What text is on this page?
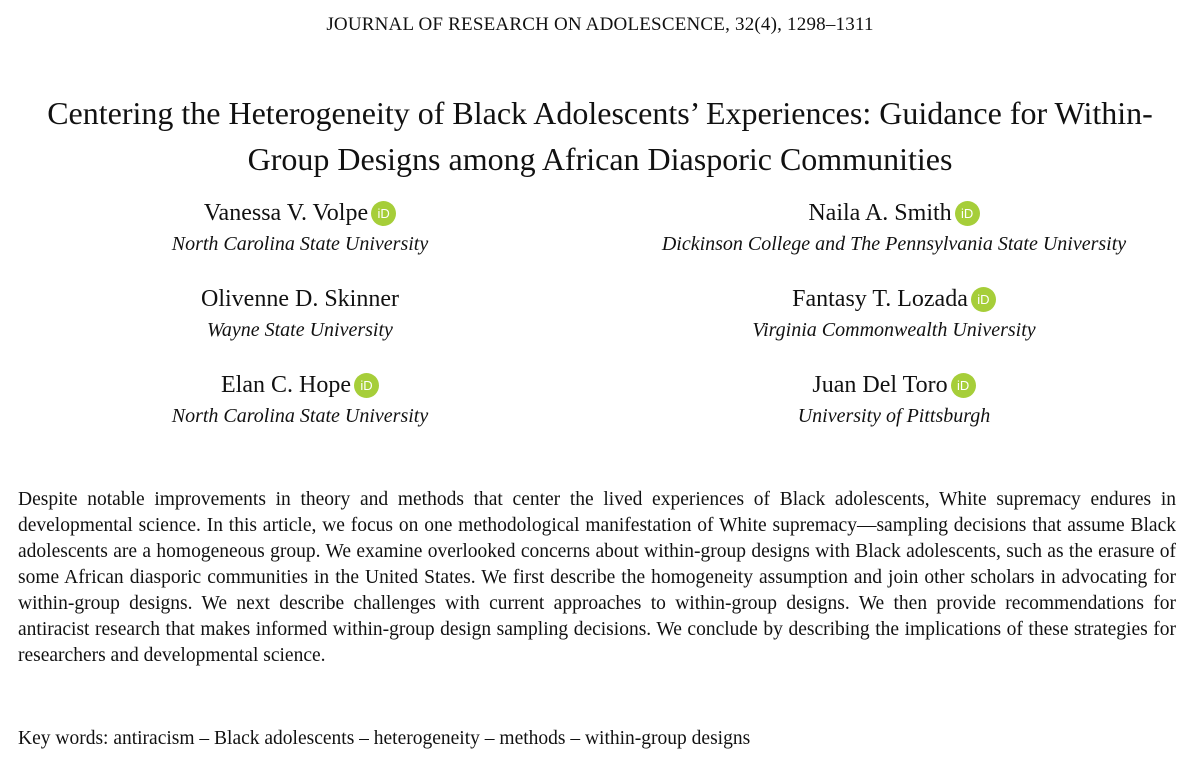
JOURNAL OF RESEARCH ON ADOLESCENCE, 32(4), 1298–1311
Centering the Heterogeneity of Black Adolescents’ Experiences: Guidance for Within-Group Designs among African Diasporic Communities
Vanessa V. Volpe iD
North Carolina State University
Naila A. Smith iD
Dickinson College and The Pennsylvania State University
Olivenne D. Skinner
Wayne State University
Fantasy T. Lozada iD
Virginia Commonwealth University
Elan C. Hope iD
North Carolina State University
Juan Del Toro iD
University of Pittsburgh

Despite notable improvements in theory and methods that center the lived experiences of Black adolescents, White supremacy endures in developmental science. In this article, we focus on one methodological manifestation of White supremacy—sampling decisions that assume Black adolescents are a homogeneous group. We examine overlooked concerns about within-group designs with Black adolescents, such as the erasure of some African diasporic communities in the United States. We first describe the homogeneity assumption and join other scholars in advocating for within-group designs. We next describe challenges with current approaches to within-group designs. We then provide recommendations for antiracist research that makes informed within-group design sampling decisions. We conclude by describing the implications of these strategies for researchers and developmental science.

Key words: antiracism – Black adolescents – heterogeneity – methods – within-group designs
